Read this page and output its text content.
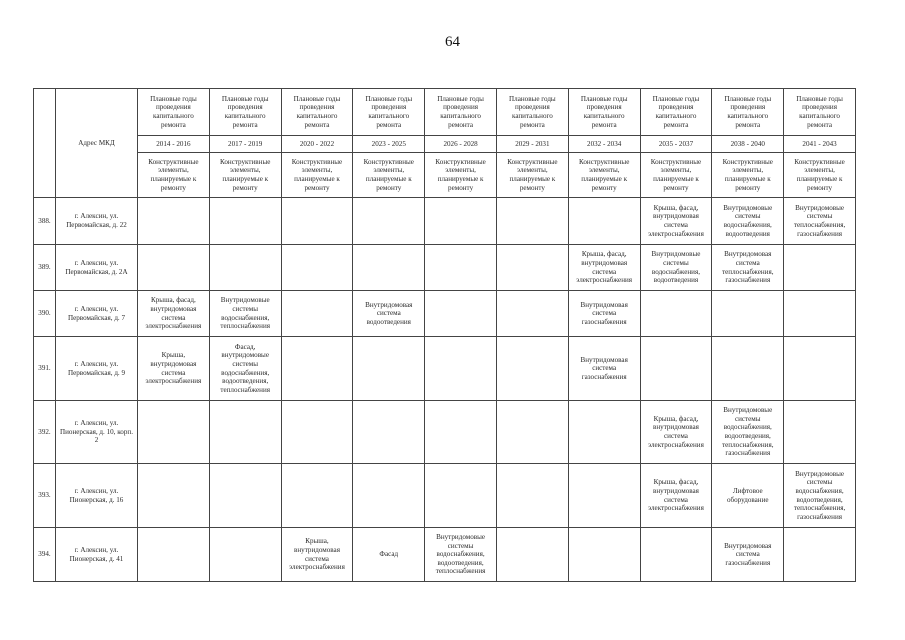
64
	Адрес МКД	Плановые годы проведения капитального ремонта	Плановые годы проведения капитального ремонта	Плановые годы проведения капитального ремонта	Плановые годы проведения капитального ремонта	Плановые годы проведения капитального ремонта	Плановые годы проведения капитального ремонта	Плановые годы проведения капитального ремонта	Плановые годы проведения капитального ремонта	Плановые годы проведения капитального ремонта	Плановые годы проведения капитального ремонта
		2014 - 2016	2017 - 2019	2020 - 2022	2023 - 2025	2026 - 2028	2029 - 2031	2032 - 2034	2035 - 2037	2038 - 2040	2041 - 2043
		Конструктивные элементы, планируемые к ремонту	Конструктивные элементы, планируемые к ремонту	Конструктивные элементы, планируемые к ремонту	Конструктивные элементы, планируемые к ремонту	Конструктивные элементы, планируемые к ремонту	Конструктивные элементы, планируемые к ремонту	Конструктивные элементы, планируемые к ремонту	Конструктивные элементы, планируемые к ремонту	Конструктивные элементы, планируемые к ремонту	Конструктивные элементы, планируемые к ремонту
388.	г. Алексин, ул. Первомайская, д. 22								Крыша, фасад, внутридомовая система электроснабжения	Внутридомовые системы водоснабжения, водоотведения	Внутридомовые системы теплоснабжения, газоснабжения
389.	г. Алексин, ул. Первомайская, д. 2А							Крыша, фасад, внутридомовая система электроснабжения	Внутридомовые системы водоснабжения, водоотведения	Внутридомовая система теплоснабжения, газоснабжения	
390.	г. Алексин, ул. Первомайская, д. 7	Крыша, фасад, внутридомовая система электроснабжения	Внутридомовые системы водоснабжения, теплоснабжения		Внутридомовая система водоотведения			Внутридомовая система газоснабжения			
391.	г. Алексин, ул. Первомайская, д. 9	Крыша, внутридомовая система электроснабжения	Фасад, внутридомовые системы водоснабжения, водоотведения, теплоснабжения					Внутридомовая система газоснабжения			
392.	г. Алексин, ул. Пионерская, д. 10, корп. 2								Крыша, фасад, внутридомовая система электроснабжения	Внутридомовые системы водоснабжения, водоотведения, теплоснабжения, газоснабжения	
393.	г. Алексин, ул. Пионерская, д. 16								Крыша, фасад, внутридомовая система электроснабжения	Лифтовое оборудование	Внутридомовые системы водоснабжения, водоотведения, теплоснабжения, газоснабжения
394.	г. Алексин, ул. Пионерская, д. 41			Крыша, внутридомовая система электроснабжения	Фасад	Внутридомовые системы водоснабжения, водоотведения, теплоснабжения				Внутридомовая система газоснабжения	
